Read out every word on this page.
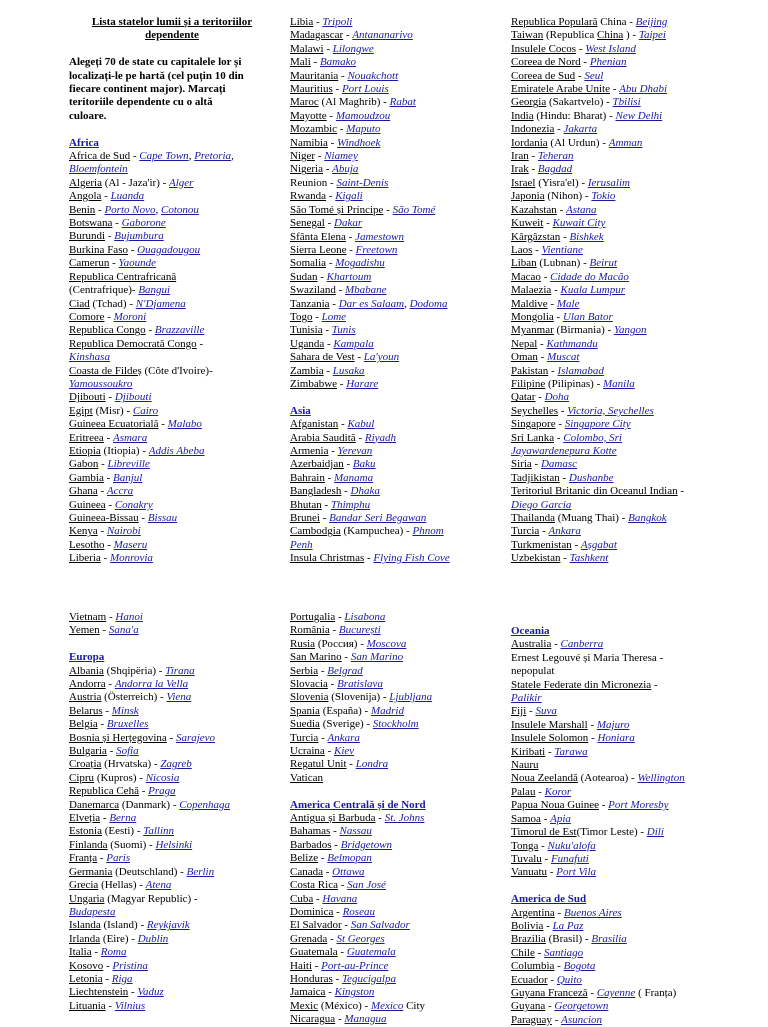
Lista statelor lumii și a teritoriilor
dependente
Alegeți 70 de state cu capitalele lor și
localizați-le pe hartă (cel puțin 10 din
fiecare continent major). Marcați
teritoriile dependente cu o altă
culoare.
Africa
Africa de Sud - Cape Town, Pretoria,
Bloemfontein
Algeria (Al - Jaza'ir) - Alger
Angola - Luanda
Benin - Porto Novo, Cotonou
Botswana - Gaborone
Burundi - Bujumbura
Burkina Faso - Ouagadougou
Camerun - Yaounde
Republica Centrafricană
(Centrafrique)- Bangui
Ciad (Tchad) - N'Djamena
Comore - Moroni
Republica Congo - Brazzaville
Republica Democrată Congo -
Kinshasa
Coasta de Fildeș (Côte d'Ivoire)-
Yamoussoukro
Djibouti - Djibouti
Egipt (Misr) - Cairo
Guineea Ecuatorială - Malabo
Eritreea - Asmara
Etiopia (Itiopia) - Addis Abeba
Gabon - Libreville
Gambia - Banjul
Ghana - Accra
Guineea - Conakry
Guineea-Bissau - Bissau
Kenya - Nairobi
Lesotho - Maseru
Liberia - Monrovia
Libia - Tripoli
Madagascar - Antananarivo
Malawi - Lilongwe
Mali - Bamako
Mauritania - Nouakchott
Mauritius - Port Louis
Maroc (Al Maghrib) - Rabat
Mayotte - Mamoudzou
Mozambic - Maputo
Namibia - Windhoek
Niger - Niamey
Nigeria - Abuja
Reunion - Saint-Denis
Rwanda - Kigali
São Tomé și Príncipe - São Tomé
Senegal - Dakar
Sfânta Elena - Jamestown
Sierra Leone - Freetown
Somalia - Mogadishu
Sudan - Khartoum
Swaziland - Mbabane
Tanzania - Dar es Salaam, Dodoma
Togo - Lome
Tunisia - Tunis
Uganda - Kampala
Sahara de Vest - La'youn
Zambia - Lusaka
Zimbabwe - Harare
Asia
Afganistan - Kabul
Arabia Saudită - Riyadh
Armenia - Yerevan
Azerbaidjan - Baku
Bahrain - Manama
Bangladesh - Dhaka
Bhutan - Thimphu
Brunei - Bandar Seri Begawan
Cambodgia (Kampuchea) - Phnom
Penh
Insula Christmas - Flying Fish Cove
Republica Populară China - Beijing
Taiwan (Republica China ) - Taipei
Insulele Cocos - West Island
Coreea de Nord - Phenian
Coreea de Sud - Seul
Emiratele Arabe Unite - Abu Dhabi
Georgia (Sakartvelo) - Tbilisi
India (Hindu: Bharat) - New Delhi
Indonezia - Jakarta
Iordania (Al Urdun) - Amman
Iran - Teheran
Irak - Bagdad
Israel (Yisra'el) - Ierusalim
Japonia (Nihon) - Tokio
Kazahstan - Astana
Kuweit - Kuwait City
Kârgâzstan - Bishkek
Laos - Vientiane
Liban (Lubnan) - Beirut
Macao - Cidade do Macão
Malaezia - Kuala Lumpur
Maldive - Male
Mongolia - Ulan Bator
Myanmar (Birmania) - Yangon
Nepal - Kathmandu
Oman - Muscat
Pakistan - Islamabad
Filipine (Pilipinas) - Manila
Qatar - Doha
Seychelles - Victoria, Seychelles
Singapore - Singapore City
Sri Lanka - Colombo, Sri
Jayawardenepura Kotte
Siria - Damasc
Tadjikistan - Dushanbe
Teritoriul Britanic din Oceanul Indian -
Diego Garcia
Thailanda (Muang Thai) - Bangkok
Turcia - Ankara
Turkmenistan - Așgabat
Uzbekistan - Tashkent
Vietnam - Hanoi
Yemen - Sana'a
Europa
Albania (Shqipëria) - Tirana
Andorra - Andorra la Vella
Austria (Österreich) - Viena
Belarus - Minsk
Belgia - Bruxelles
Bosnia și Herțegovina - Sarajevo
Bulgaria - Sofia
Croația (Hrvatska) - Zagreb
Cipru (Kupros) - Nicosia
Republica Cehă - Praga
Danemarca (Danmark) - Copenhaga
Elveția - Berna
Estonia (Eesti) - Tallinn
Finlanda (Suomi) - Helsinki
Franța - Paris
Germania (Deutschland) - Berlin
Grecia (Hellas) - Atena
Ungaria (Magyar Republic) -
Budapesta
Islanda (Island) - Reykjavik
Irlanda (Eire) - Dublin
Italia - Roma
Kosovo - Pristina
Letonia - Riga
Liechtenstein - Vaduz
Lituania - Vilnius
Portugalia - Lisabona
România - București
Rusia (Россия) - Moscova
San Marino - San Marino
Serbia - Belgrad
Slovacia - Bratislava
Slovenia (Slovenija) - Ljubljana
Spania (España) - Madrid
Suedia (Sverige) - Stockholm
Turcia - Ankara
Ucraina - Kiev
Regatul Unit - Londra
Vatican
America Centrală și de Nord
Antigua și Barbuda - St. Johns
Bahamas - Nassau
Barbados - Bridgetown
Belize - Belmopan
Canada - Ottawa
Costa Rica - San José
Cuba - Havana
Dominica - Roseau
El Salvador - San Salvador
Grenada - St Georges
Guatemala - Guatemala
Haiti - Port-au-Prince
Honduras - Tegucigalpa
Jamaica - Kingston
Mexic (México) - Mexico City
Nicaragua - Managua
Oceania
Australia - Canberra
Ernest Legouvé și Maria Theresa -
nepopulat
Statele Federate din Micronezia -
Palikir
Fiji - Suva
Insulele Marshall - Majuro
Insulele Solomon - Honiara
Kiribati - Tarawa
Nauru
Noua Zeelandă (Aotearoa) - Wellington
Palau - Koror
Papua Noua Guinee - Port Moresby
Samoa - Apia
Timorul de Est(Timor Leste) - Dili
Tonga - Nuku'alofa
Tuvalu - Funafuti
Vanuatu - Port Vila
America de Sud
Argentina - Buenos Aires
Bolivia - La Paz
Brazilia (Brasil) - Brasilia
Chile - Santiago
Columbia - Bogota
Ecuador - Quito
Guyana Franceză - Cayenne ( Franța)
Guyana - Georgetown
Paraguay - Asuncion
